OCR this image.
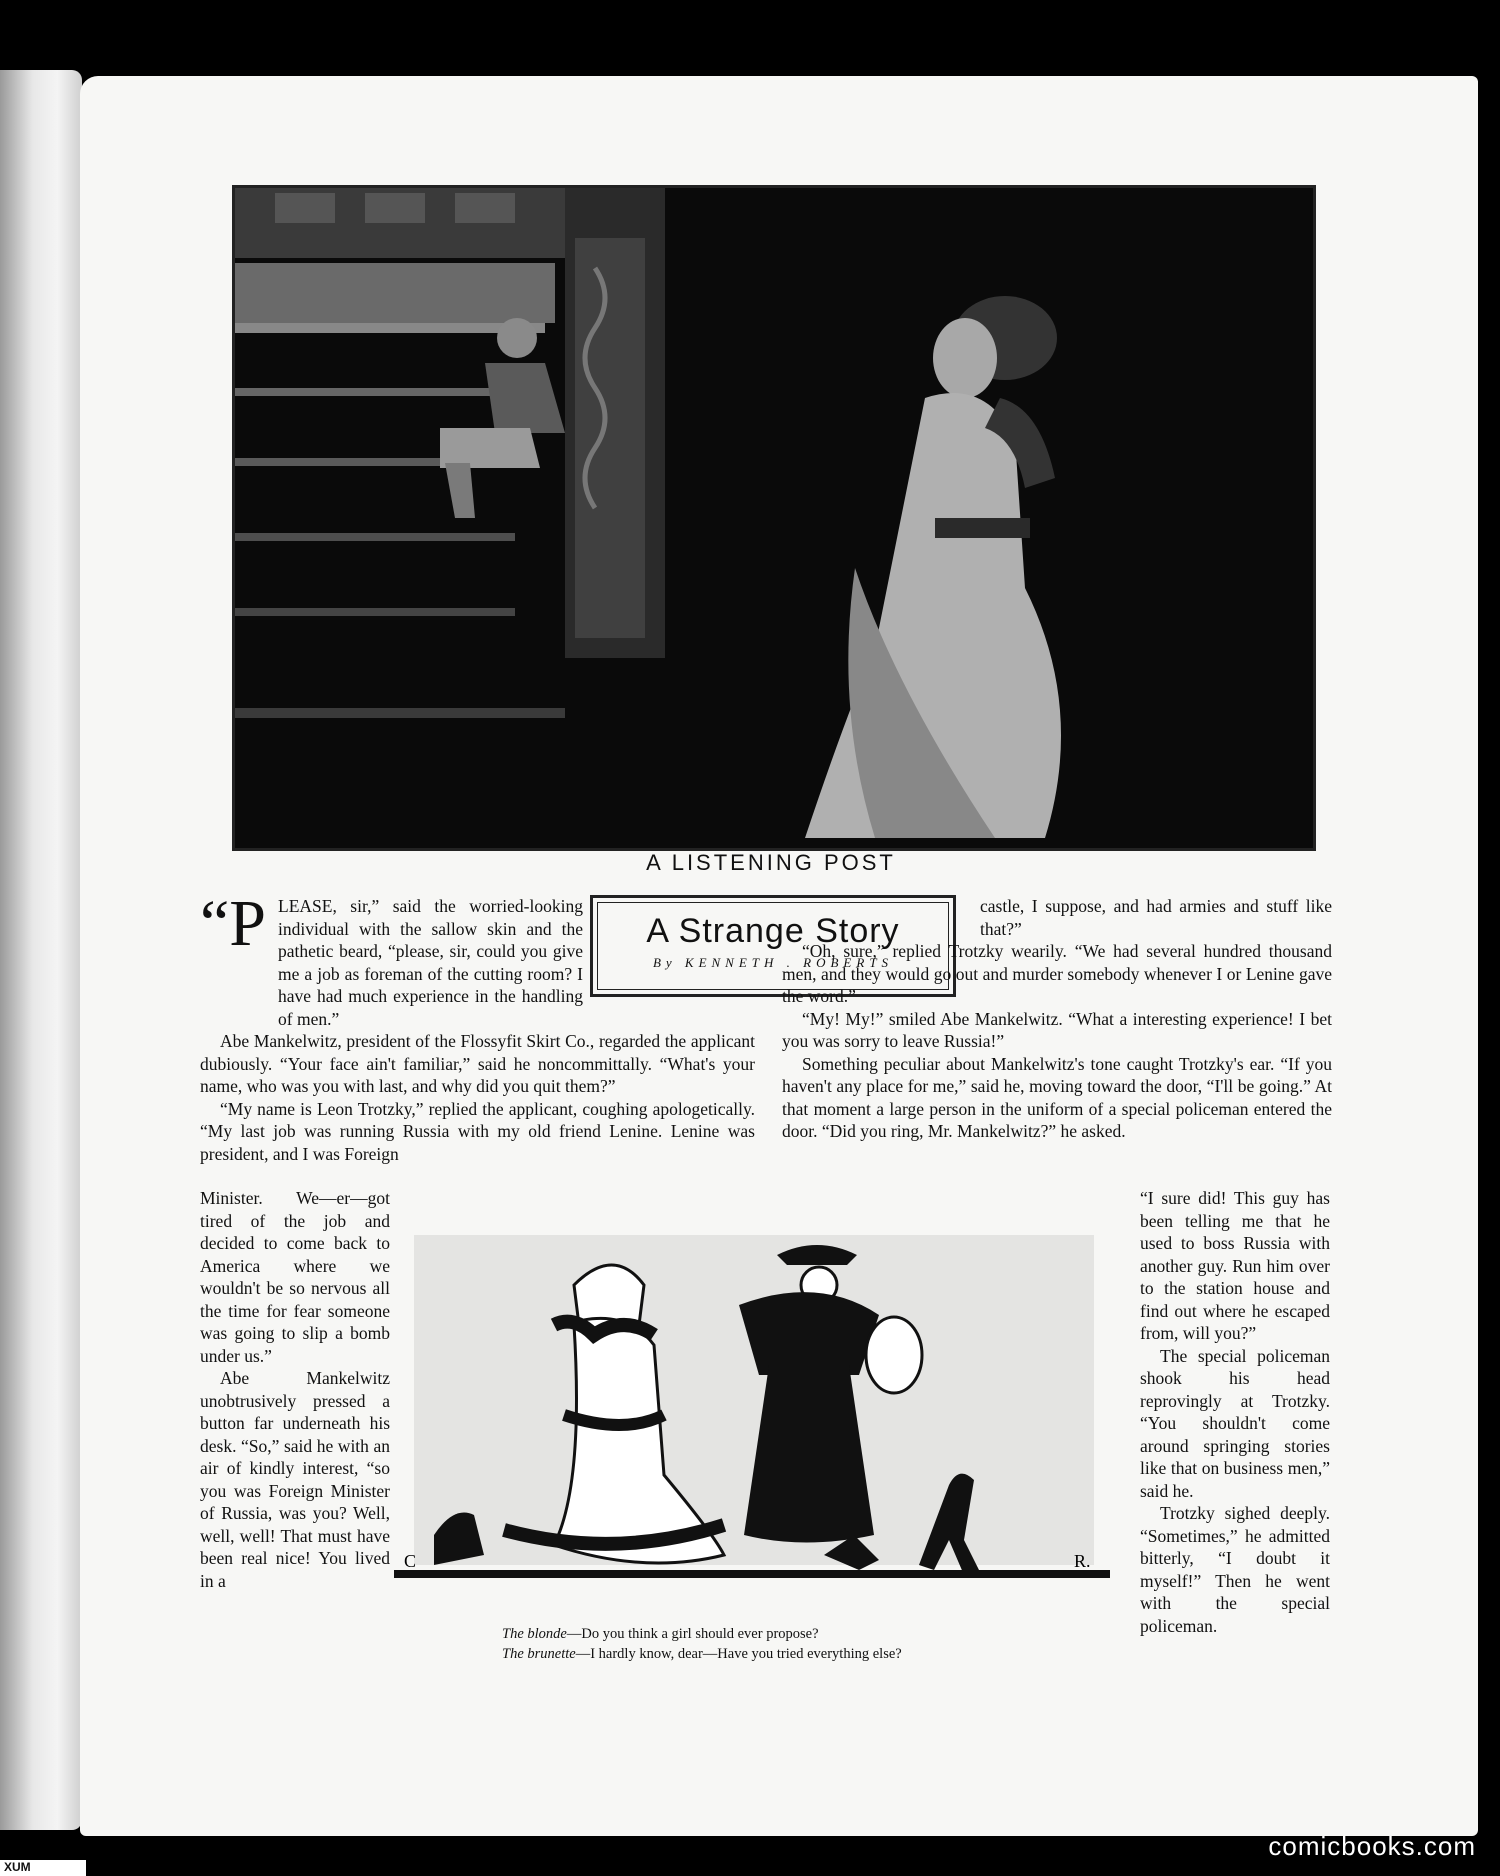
A LISTENING POST
A Strange Story
By KENNETH . ROBERTS

“P LEASE, sir,” said the worried-looking individual with the sallow skin and the pathetic beard, “please, sir, could you give me a job as foreman of the cutting room? I have had much experience in the handling of men.”

Abe Mankelwitz, president of the Flossyfit Skirt Co., regarded the applicant dubiously. “Your face ain't familiar,” said he noncommittally. “What's your name, who was you with last, and why did you quit them?”

“My name is Leon Trotzky,” replied the applicant, coughing apologetically. “My last job was running Russia with my old friend Lenine. Lenine was president, and I was Foreign

Minister. We—er—got tired of the job and decided to come back to America where we wouldn't be so nervous all the time for fear someone was going to slip a bomb under us.”

Abe Mankelwitz unobtrusively pressed a button far underneath his desk. “So,” said he with an air of kindly interest, “so you was Foreign Minister of Russia, was you? Well, well, well! That must have been real nice! You lived in a

castle, I suppose, and had armies and stuff like that?”

“Oh, sure,” replied Trotzky wearily. “We had several hundred thousand men, and they would go out and murder somebody whenever I or Lenine gave the word.”

“My! My!” smiled Abe Mankelwitz. “What a interesting experience! I bet you was sorry to leave Russia!”

Something peculiar about Mankelwitz's tone caught Trotzky's ear. “If you haven't any place for me,” said he, moving toward the door, “I'll be going.” At that moment a large person in the uniform of a special policeman entered the door. “Did you ring, Mr. Mankelwitz?” he asked.

“I sure did! This guy has been telling me that he used to boss Russia with another guy. Run him over to the station house and find out where he escaped from, will you?”

The special policeman shook his head reprovingly at Trotzky. “You shouldn't come around springing stories like that on business men,” said he.

Trotzky sighed deeply. “Sometimes,” he admitted bitterly, “I doubt it myself!” Then he went with the special policeman.

C	R.
The blonde—Do you think a girl should ever propose?
The brunette—I hardly know, dear—Have you tried everything else?
comicbooks.com
XUM
